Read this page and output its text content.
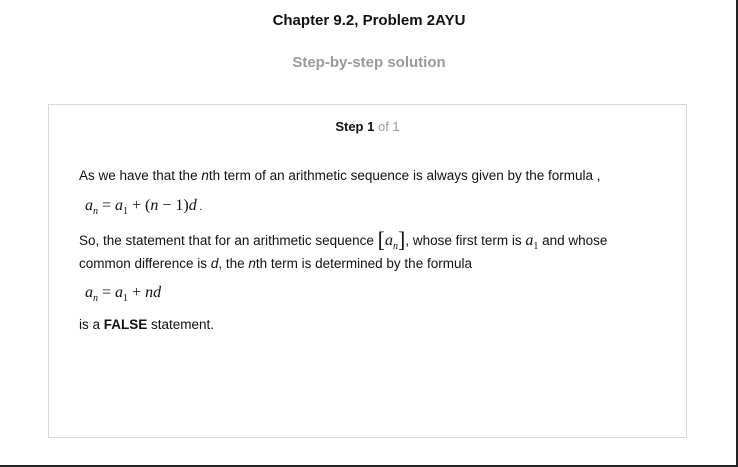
Chapter 9.2, Problem 2AYU
Step-by-step solution
Step 1 of 1
As we have that the nth term of an arithmetic sequence is always given by the formula ,
$a_n = a_1 + (n - 1)d$ .
So, the statement that for an arithmetic sequence $[a_n]$, whose first term is $a_1$ and whose
common difference is d, the nth term is determined by the formula
$a_n = a_1$ + nd
is a FALSE statement.
